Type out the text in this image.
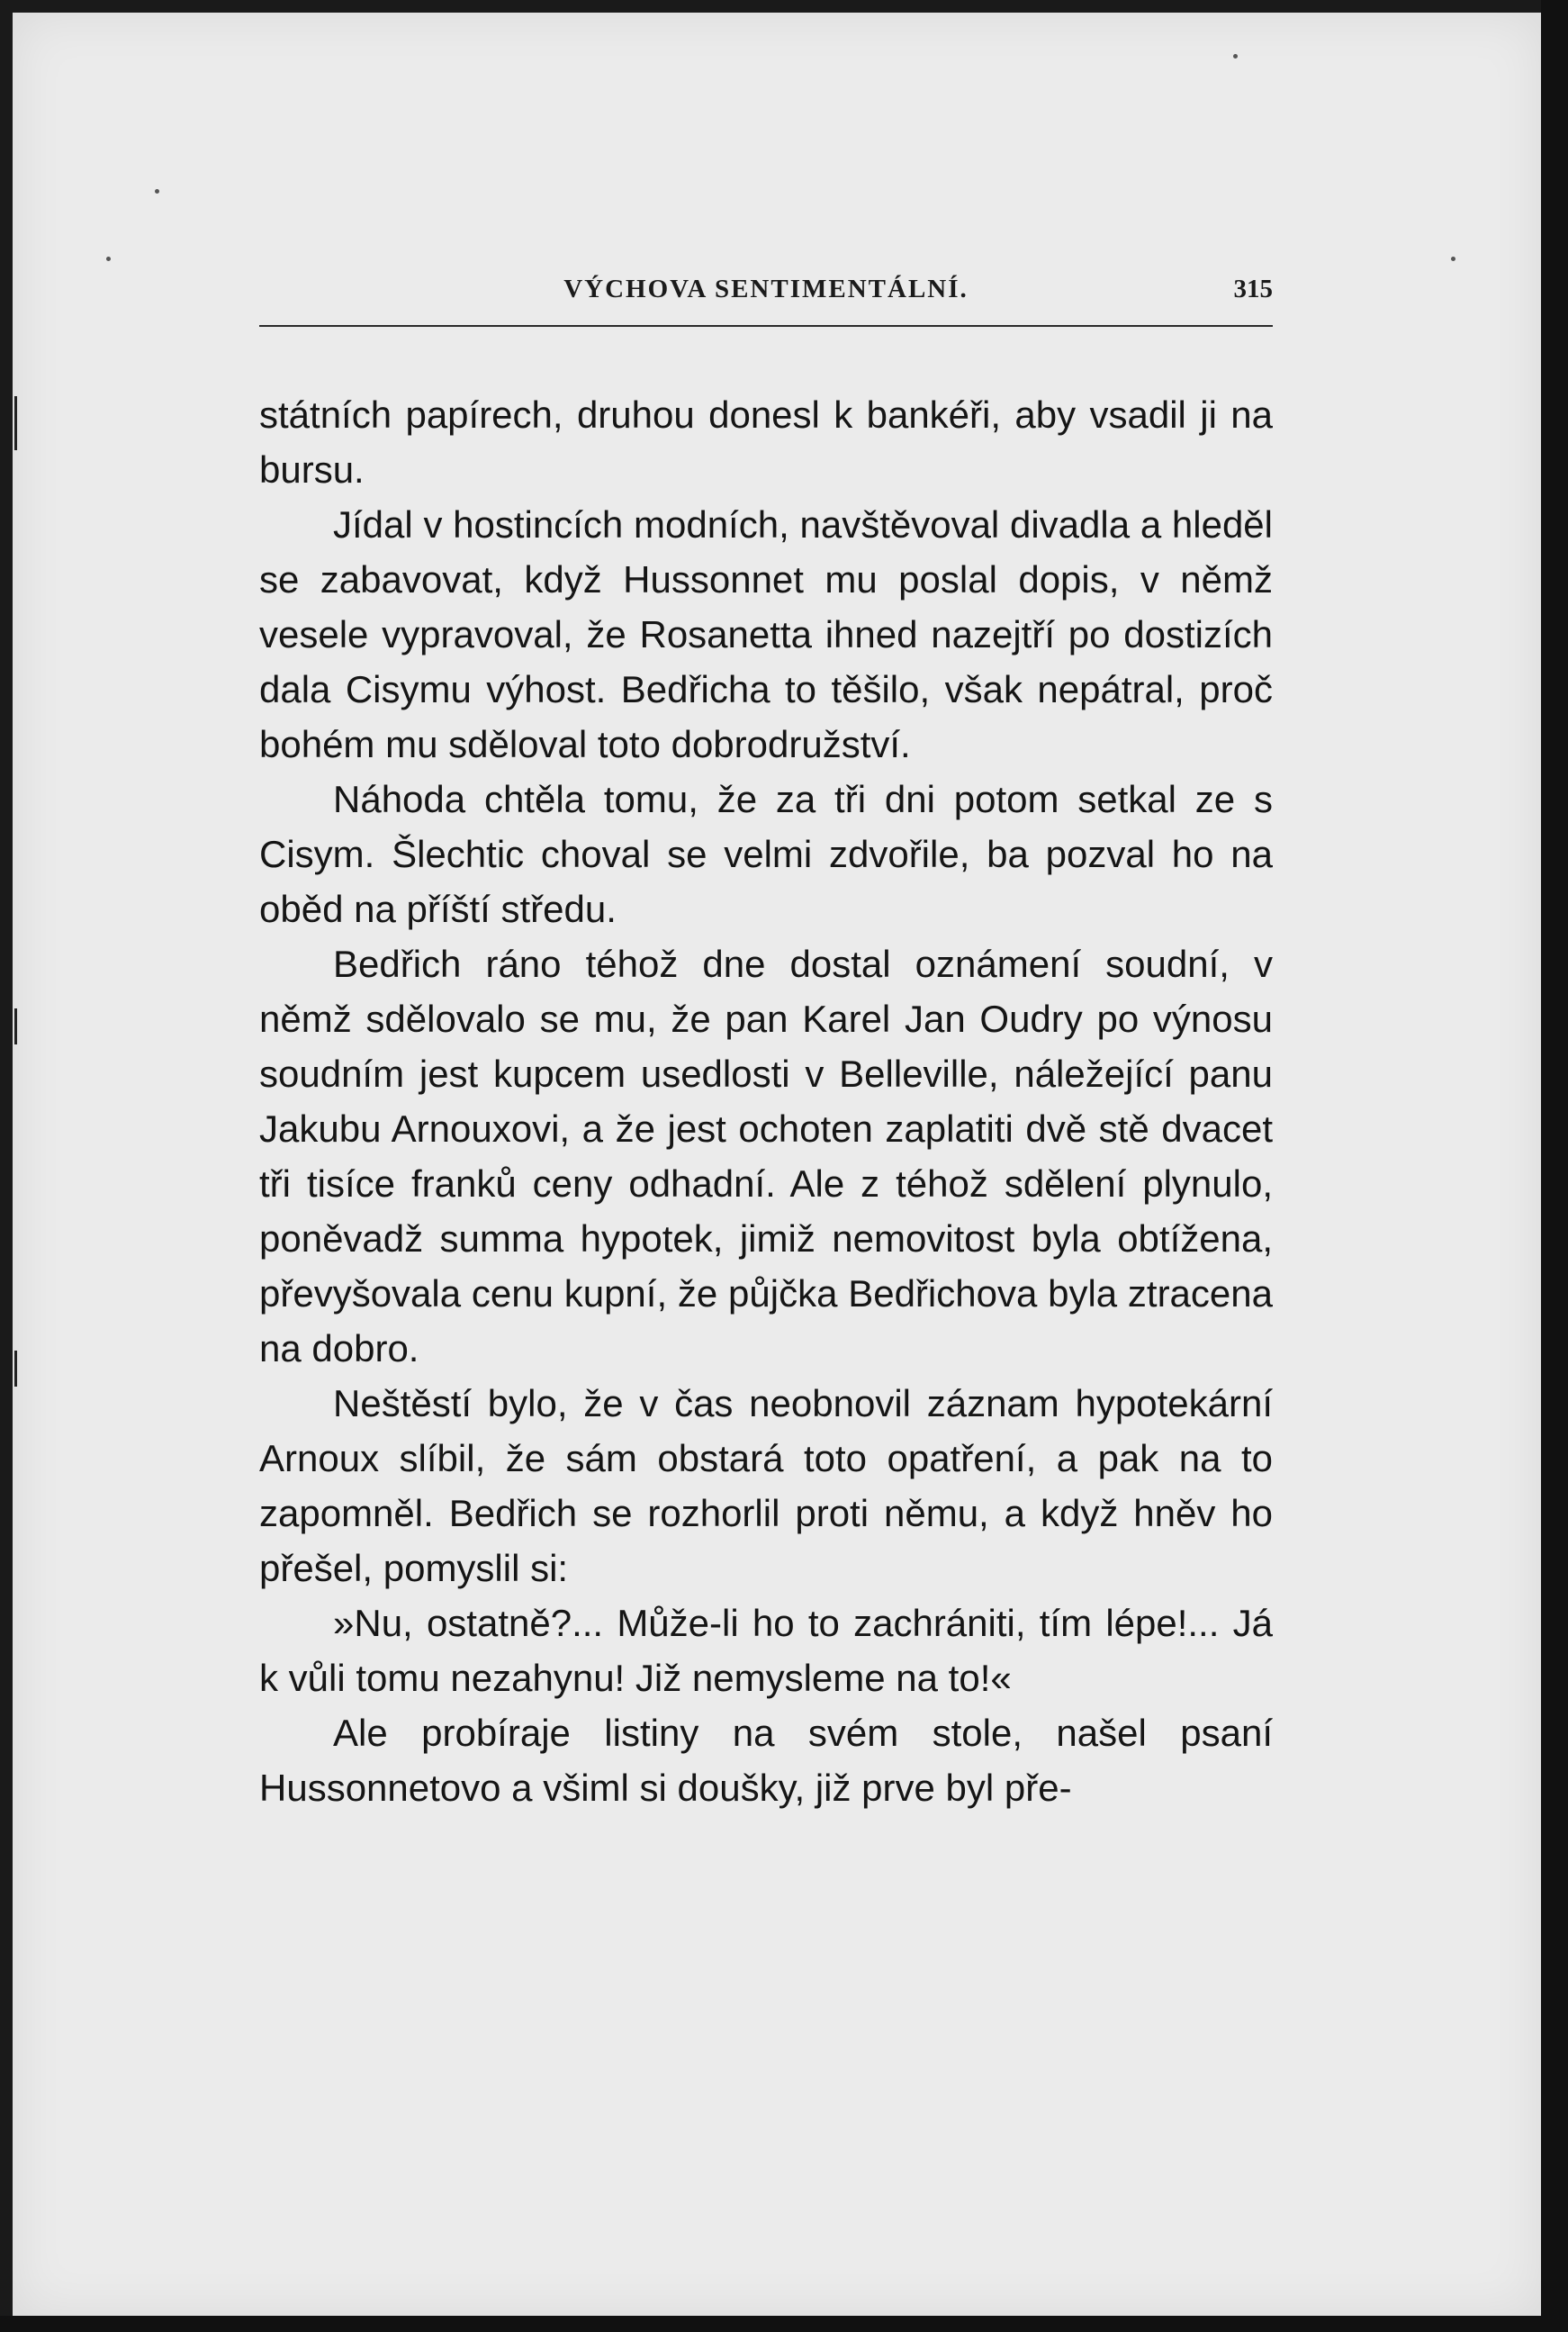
VÝCHOVA SENTIMENTÁLNÍ.	315

státních papírech, druhou donesl k bankéři, aby vsadil ji na bursu.

Jídal v hostincích modních, navštěvoval divadla a hleděl se zabavovat, když Hussonnet mu poslal dopis, v němž vesele vypravoval, že Rosanetta ihned nazejtří po dostizích dala Cisymu výhost. Bedřicha to těšilo, však nepátral, proč bohém mu sděloval toto dobrodružství.

Náhoda chtěla tomu, že za tři dni potom setkal ze s Cisym. Šlechtic choval se velmi zdvořile, ba pozval ho na oběd na příští středu.

Bedřich ráno téhož dne dostal oznámení soudní, v němž sdělovalo se mu, že pan Karel Jan Oudry po výnosu soudním jest kupcem usedlosti v Belleville, náležející panu Jakubu Arnouxovi, a že jest ochoten zaplatiti dvě stě dvacet tři tisíce franků ceny odhadní. Ale z téhož sdělení plynulo, poněvadž summa hypotek, jimiž nemovitost byla obtížena, převyšovala cenu kupní, že půjčka Bedřichova byla ztracena na dobro.

Neštěstí bylo, že v čas neobnovil záznam hypotekární Arnoux slíbil, že sám obstará toto opatření, a pak na to zapomněl. Bedřich se rozhorlil proti němu, a když hněv ho přešel, pomyslil si:

»Nu, ostatně?... Může-li ho to zachrániti, tím lépe!... Já k vůli tomu nezahynu! Již nemysleme na to!«

Ale probíraje listiny na svém stole, našel psaní Hussonnetovo a všiml si doušky, již prve byl pře-
